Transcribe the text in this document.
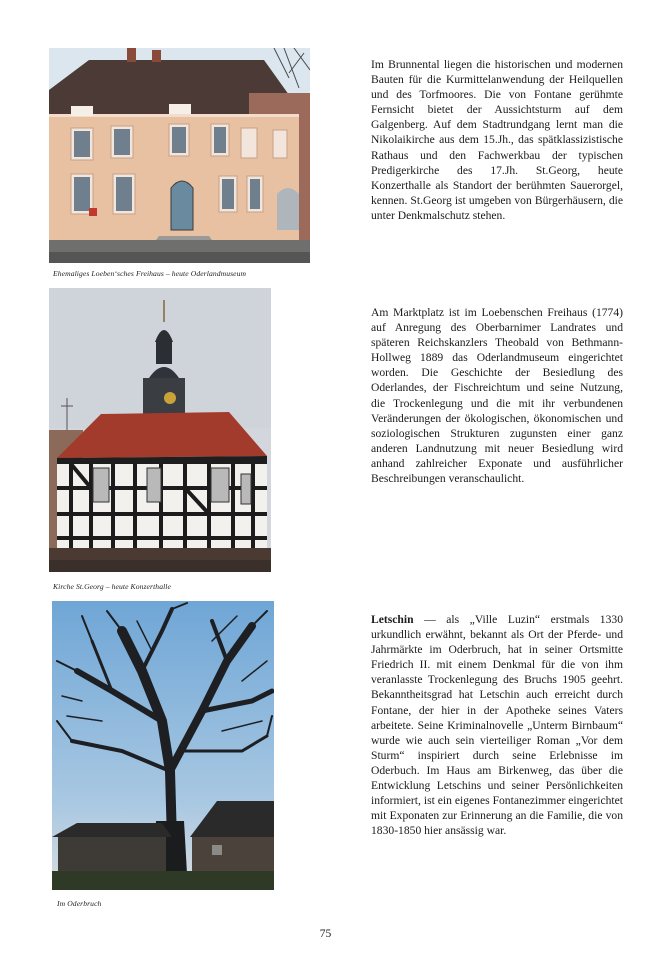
Ehemaliges Loeben‘sches Freihaus – heute Oderlandmuseum
Kirche St.Georg – heute Konzerthalle
Im Oderbruch

Im Brunnental liegen die historischen und modernen Bauten für die Kurmittelanwendung der Heilquellen und des Torfmoores. Die von Fontane gerühmte Fernsicht bietet der Aussichtsturm auf dem Galgenberg. Auf dem Stadtrundgang lernt man die Nikolaikirche aus dem 15.Jh., das spätklassizistische Rathaus und den Fachwerkbau der typischen Predigerkirche des 17.Jh. St.Georg, heute Konzerthalle als Standort der berühmten Sauerorgel, kennen. St.Georg ist umgeben von Bürgerhäusern, die unter Denkmalschutz stehen.

Am Marktplatz ist im Loebenschen Freihaus (1774) auf Anregung des Oberbarnimer Landrates und späteren Reichskanzlers Theobald von Bethmann-Hollweg 1889 das Oderlandmuseum eingerichtet worden. Die Geschichte der Besiedlung des Oderlandes, der Fischreichtum und seine Nutzung, die Trockenlegung und die mit ihr verbundenen Veränderungen der ökologischen, ökonomischen und soziologischen Strukturen zugunsten einer ganz anderen Landnutzung mit neuer Besiedlung wird anhand zahlreicher Exponate und ausführlicher Beschreibungen veranschaulicht.

Letschin — als „Ville Luzin“ erstmals 1330 urkundlich erwähnt, bekannt als Ort der Pferde- und Jahrmärkte im Oderbruch, hat in seiner Ortsmitte Friedrich II. mit einem Denkmal für die von ihm veranlasste Trockenlegung des Bruchs 1905 geehrt. Bekanntheitsgrad hat Letschin auch erreicht durch Fontane, der hier in der Apotheke seines Vaters arbeitete. Seine Kriminalnovelle „Unterm Birnbaum“ wurde wie auch sein vierteiliger Roman „Vor dem Sturm“ inspiriert durch seine Erlebnisse im Oderbuch. Im Haus am Birkenweg, das über die Entwicklung Letschins und seiner Persönlichkeiten informiert, ist ein eigenes Fontanezimmer eingerichtet mit Exponaten zur Erinnerung an die Familie, die von 1830-1850 hier ansässig war.

75
